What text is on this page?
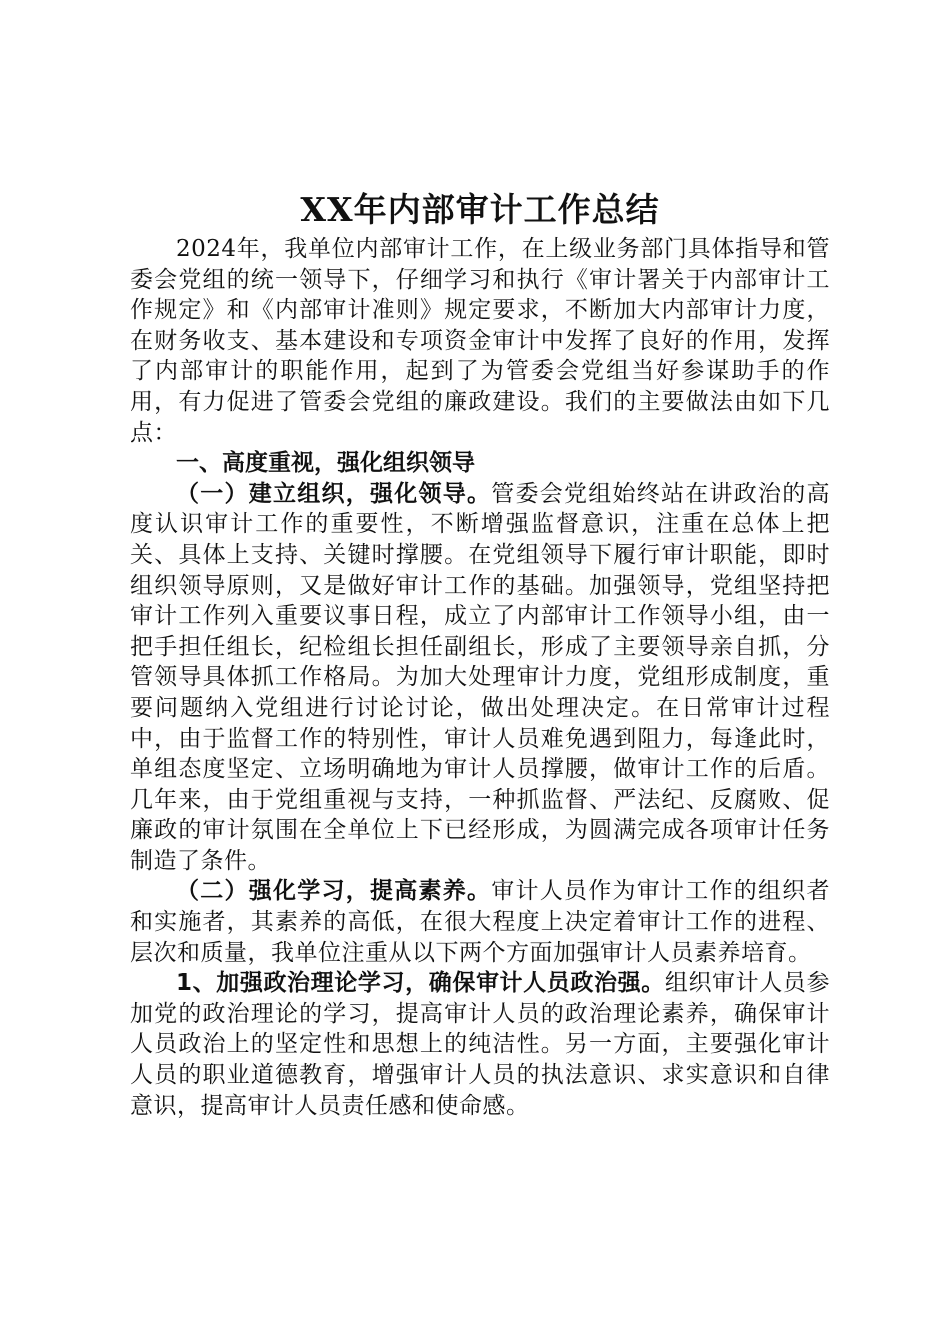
XX年内部审计工作总结

2024年，我单位内部审计工作，在上级业务部门具体指导和管委会党组的统一领导下，仔细学习和执行《审计署关于内部审计工作规定》和《内部审计准则》规定要求，不断加大内部审计力度，在财务收支、基本建设和专项资金审计中发挥了良好的作用，发挥了内部审计的职能作用，起到了为管委会党组当好参谋助手的作用，有力促进了管委会党组的廉政建设。我们的主要做法由如下几点：

一、高度重视，强化组织领导

（一）建立组织，强化领导。管委会党组始终站在讲政治的高度认识审计工作的重要性，不断增强监督意识，注重在总体上把关、具体上支持、关键时撑腰。在党组领导下履行审计职能，即时组织领导原则，又是做好审计工作的基础。加强领导，党组坚持把审计工作列入重要议事日程，成立了内部审计工作领导小组，由一把手担任组长，纪检组长担任副组长，形成了主要领导亲自抓，分管领导具体抓工作格局。为加大处理审计力度，党组形成制度，重要问题纳入党组进行讨论讨论，做出处理决定。在日常审计过程中，由于监督工作的特别性，审计人员难免遇到阻力，每逢此时，单组态度坚定、立场明确地为审计人员撑腰，做审计工作的后盾。几年来，由于党组重视与支持，一种抓监督、严法纪、反腐败、促廉政的审计氛围在全单位上下已经形成，为圆满完成各项审计任务制造了条件。

（二）强化学习，提高素养。审计人员作为审计工作的组织者和实施者，其素养的高低，在很大程度上决定着审计工作的进程、层次和质量，我单位注重从以下两个方面加强审计人员素养培育。

1、加强政治理论学习，确保审计人员政治强。组织审计人员参加党的政治理论的学习，提高审计人员的政治理论素养，确保审计人员政治上的坚定性和思想上的纯洁性。另一方面，主要强化审计人员的职业道德教育，增强审计人员的执法意识、求实意识和自律意识，提高审计人员责任感和使命感。
